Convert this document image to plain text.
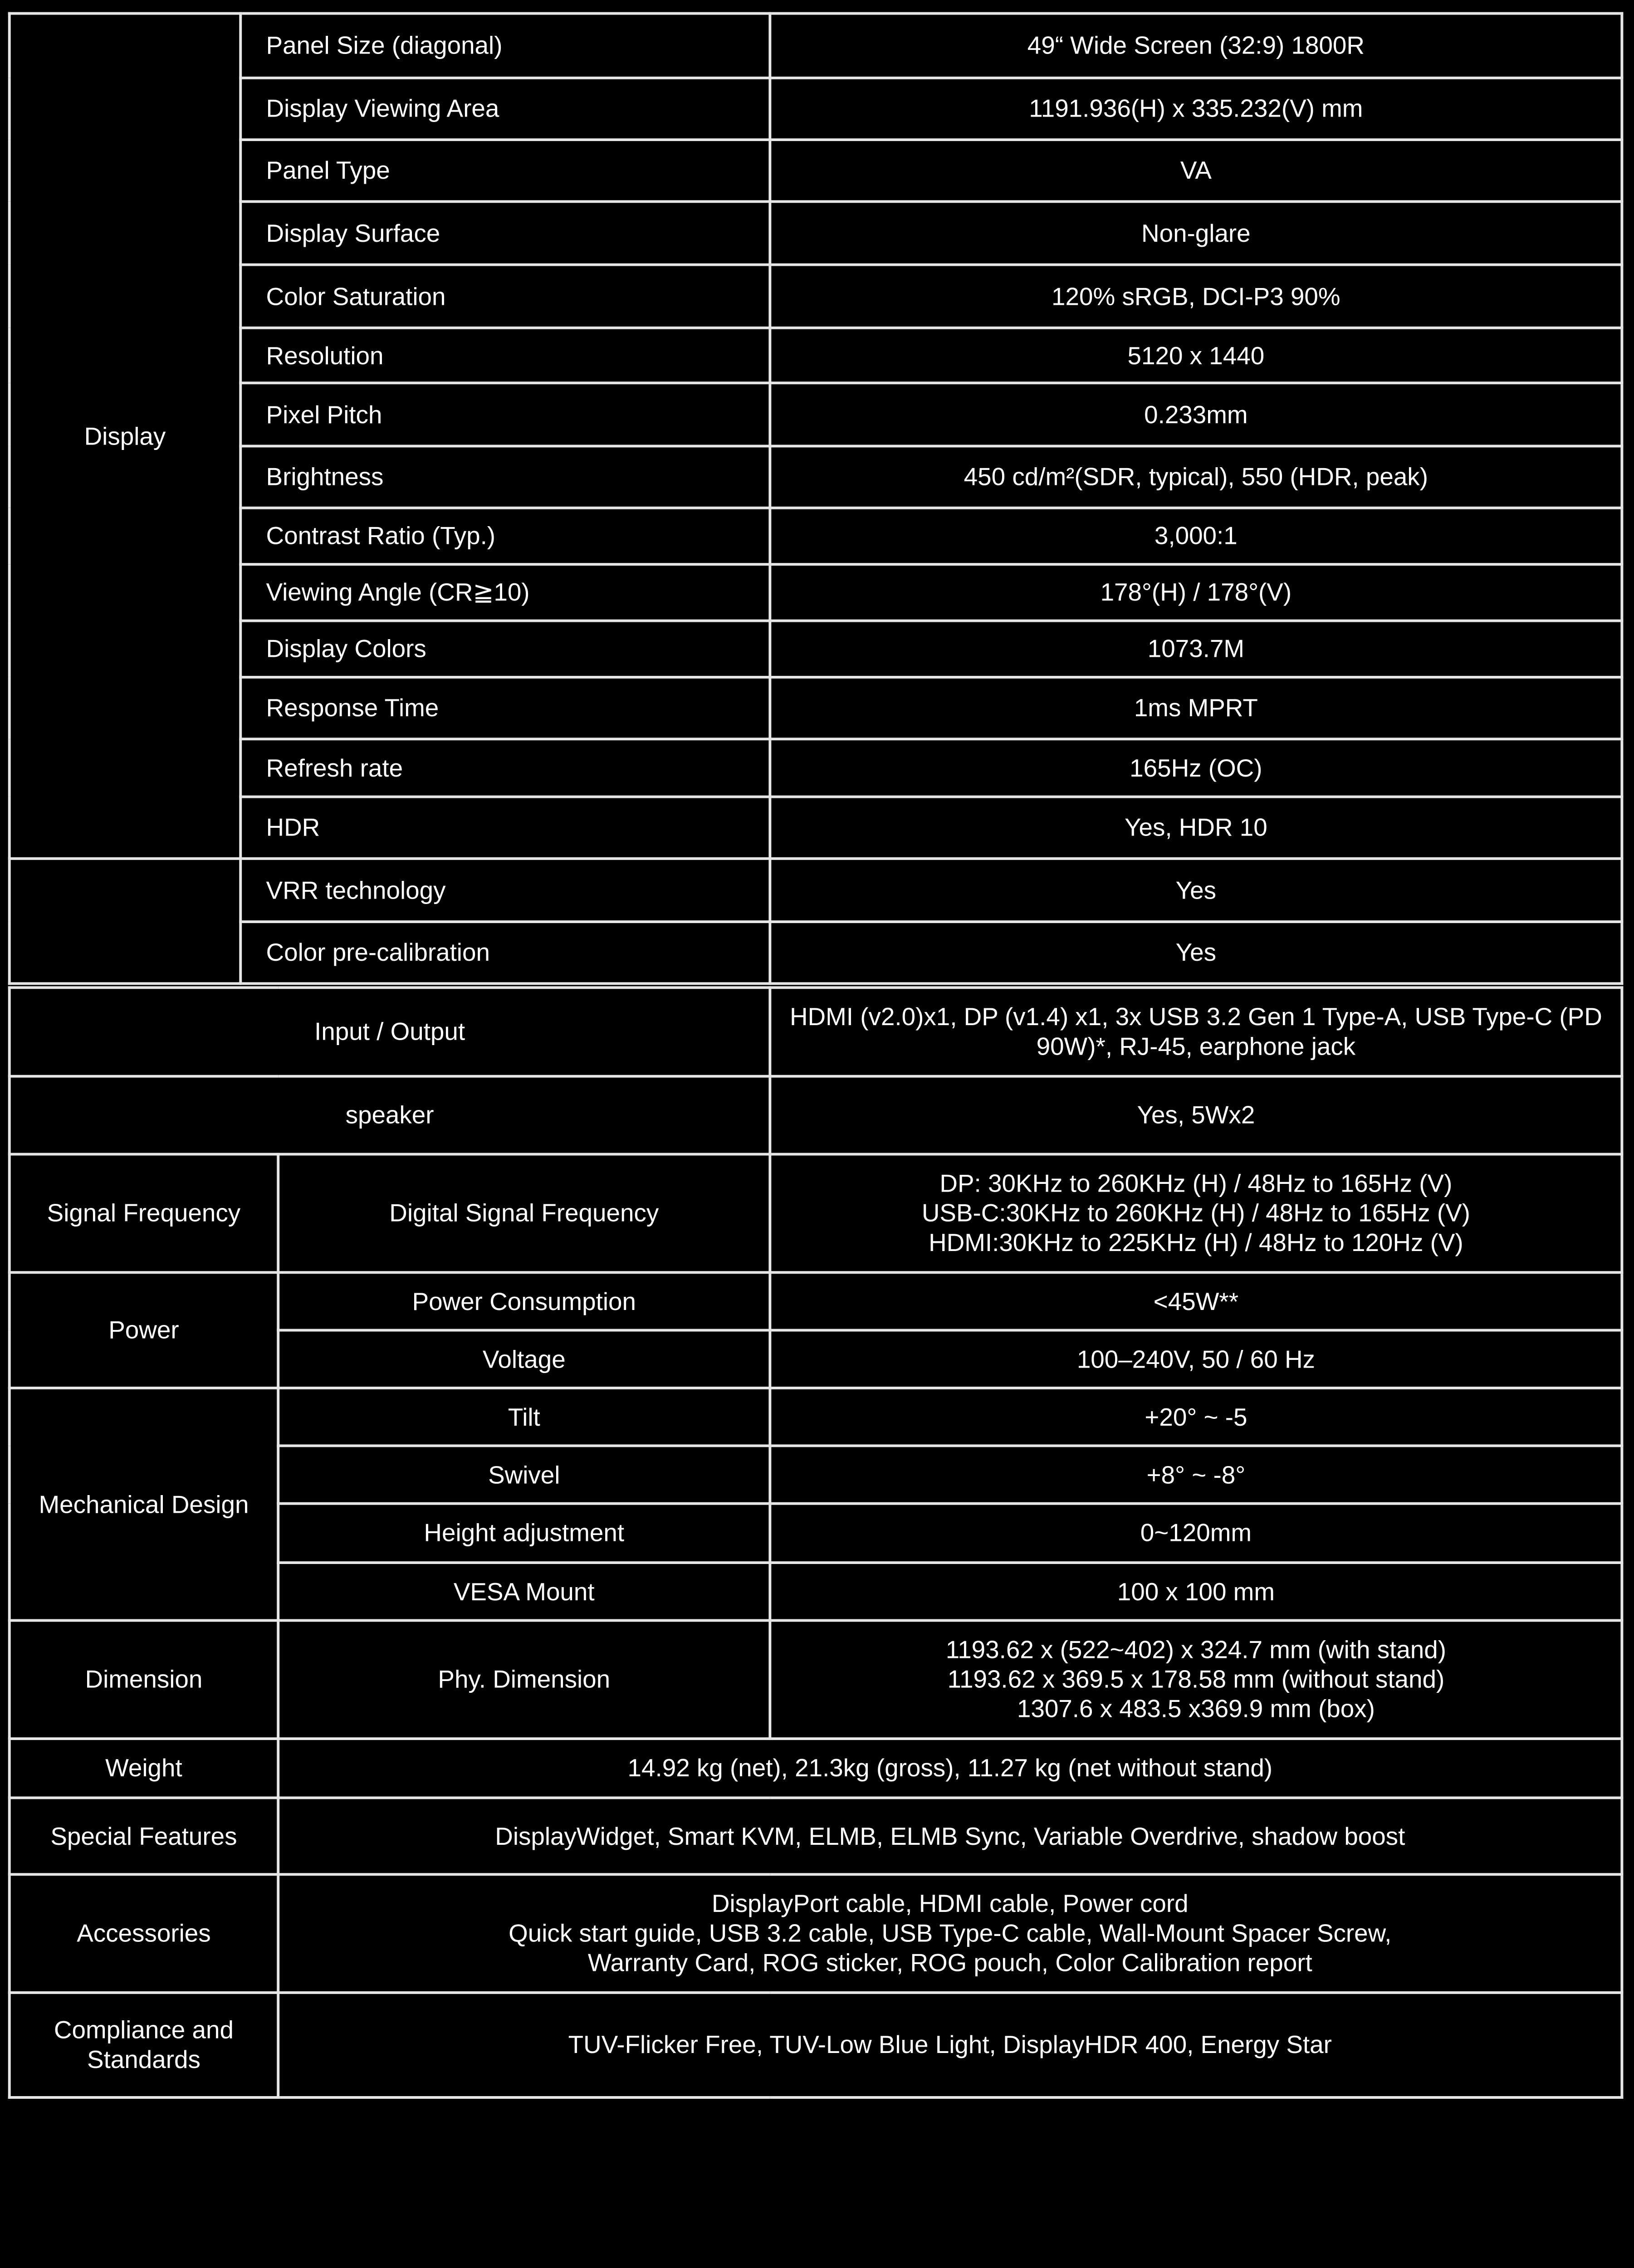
Display	Panel Size (diagonal)	49“ Wide Screen (32:9) 1800R
	Display Viewing Area	1191.936(H) x 335.232(V) mm
	Panel Type	VA
	Display Surface	Non-glare
	Color Saturation	120% sRGB, DCI-P3 90%
	Resolution	5120 x 1440
	Pixel Pitch	0.233mm
	Brightness	450 cd/m²(SDR, typical), 550 (HDR, peak)
	Contrast Ratio (Typ.)	3,000:1
	Viewing Angle (CR≧10)	178°(H) / 178°(V)
	Display Colors	1073.7M
	Response Time	1ms MPRT
	Refresh rate	165Hz (OC)
	HDR	Yes, HDR 10
	VRR technology	Yes
	Color pre-calibration	Yes
Input / Output		HDMI (v2.0)x1, DP (v1.4) x1, 3x USB 3.2 Gen 1 Type-A, USB Type-C (PD
90W)*, RJ-45, earphone jack

speaker		Yes, 5Wx2
Signal Frequency	Digital Signal Frequency	DP: 30KHz to 260KHz (H) / 48Hz to 165Hz (V)
USB-C:30KHz to 260KHz (H) / 48Hz to 165Hz (V)
HDMI:30KHz to 225KHz (H) / 48Hz to 120Hz (V)

Power	Power Consumption	<45W**
	Voltage	100–240V, 50 / 60 Hz
Mechanical Design	Tilt	+20° ~ -5
	Swivel	+8° ~ -8°
	Height adjustment	0~120mm
	VESA Mount	100 x 100 mm
Dimension	Phy. Dimension	1193.62 x (522~402) x 324.7 mm (with stand)
1193.62 x 369.5 x 178.58 mm (without stand)
1307.6 x 483.5 x369.9 mm (box)

Weight	14.92 kg (net), 21.3kg (gross), 11.27 kg (net without stand)	
Special Features	DisplayWidget, Smart KVM, ELMB, ELMB Sync, Variable Overdrive, shadow boost	
Accessories	DisplayPort cable, HDMI cable, Power cord
Quick start guide, USB 3.2 cable, USB Type-C cable, Wall-Mount Spacer Screw,
Warranty Card, ROG sticker, ROG pouch, Color Calibration report	

Compliance and
Standards	TUV-Flicker Free, TUV-Low Blue Light, DisplayHDR 400, Energy Star	
